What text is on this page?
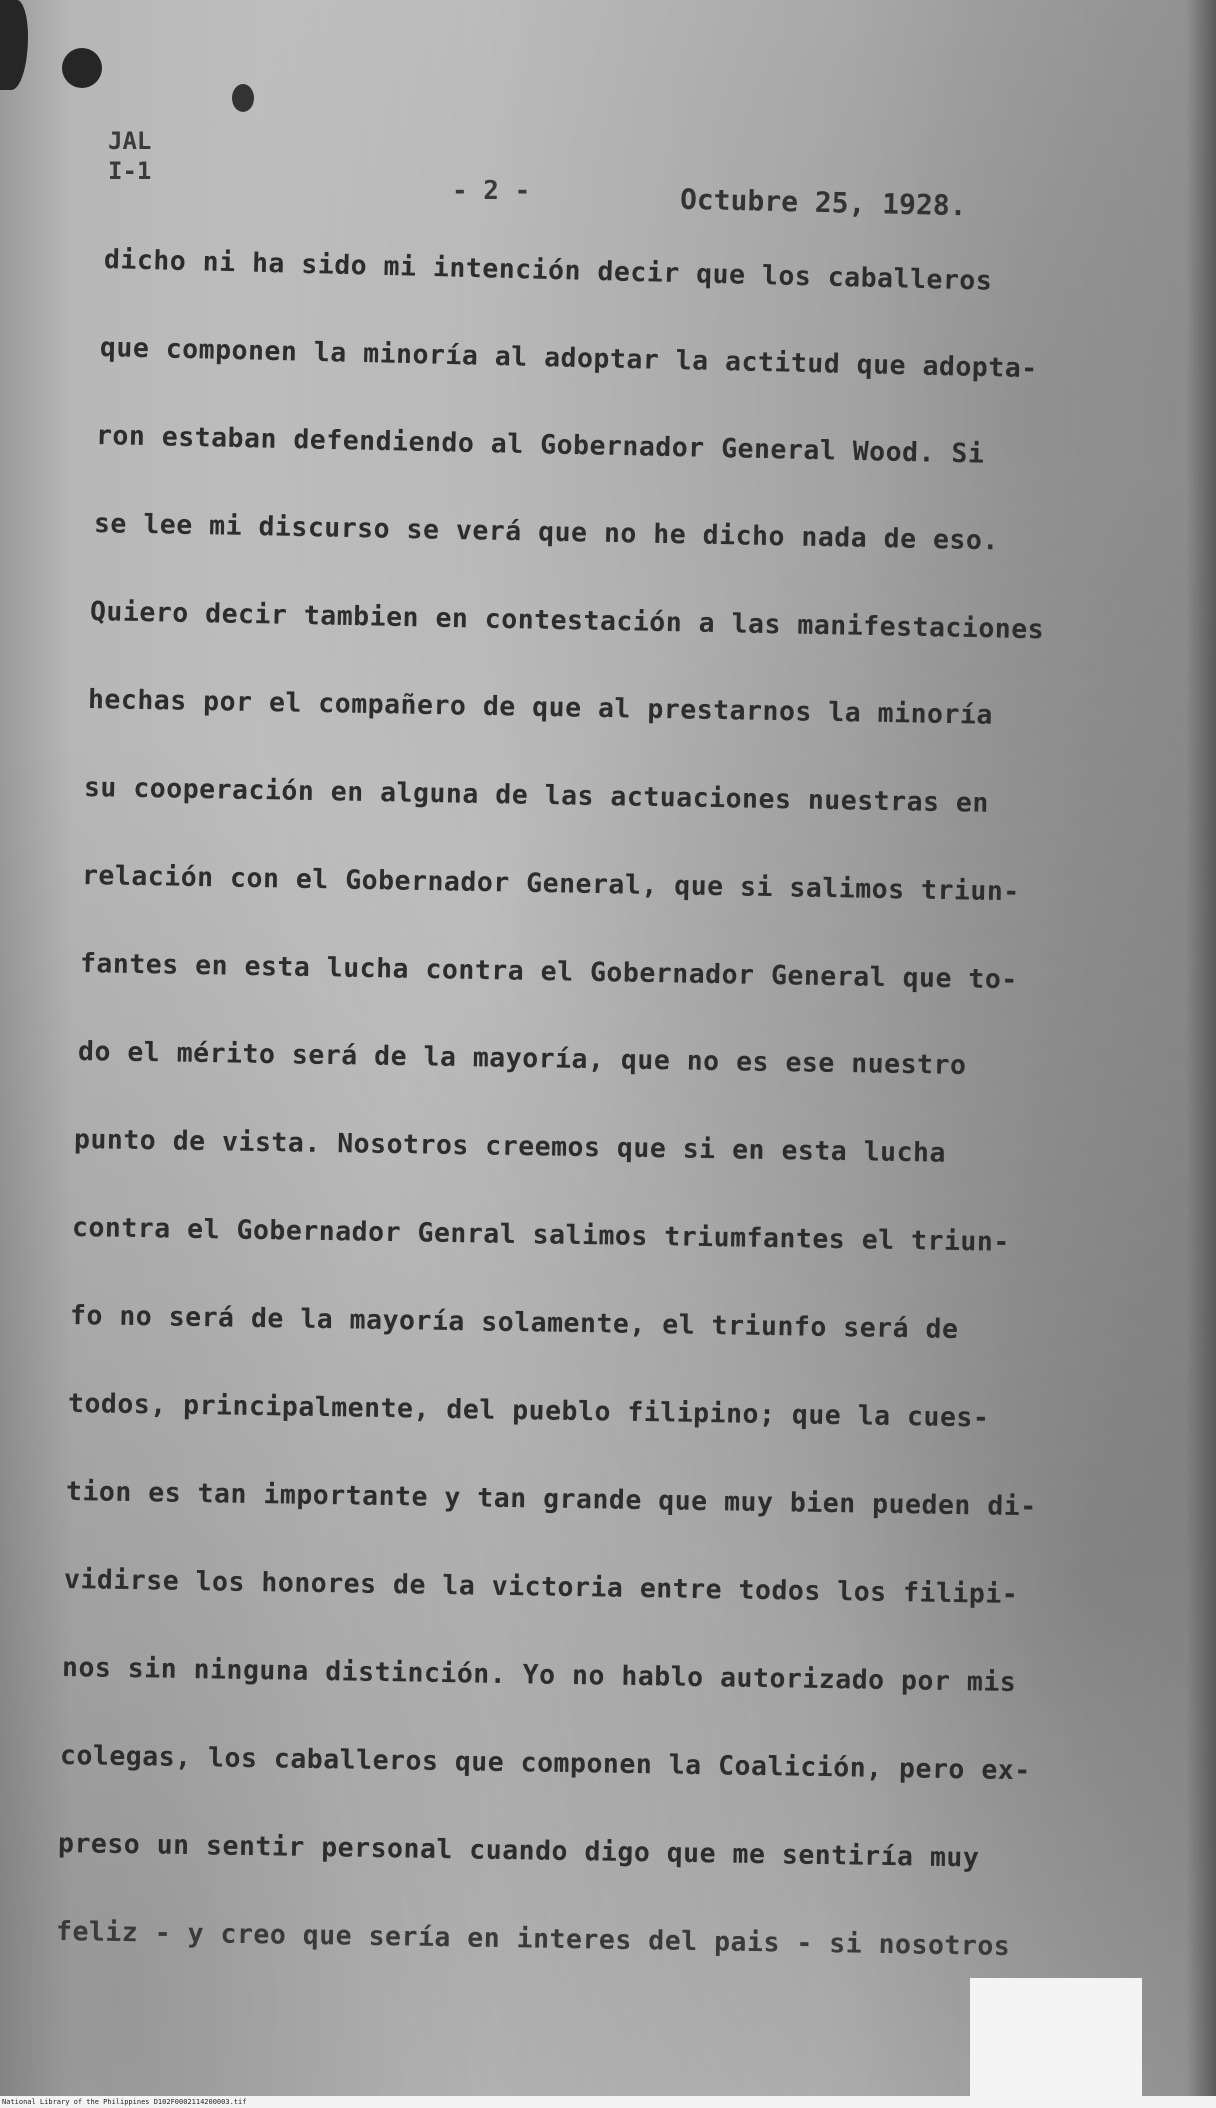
JAL
I-1
- 2 -	Octubre 25, 1928.
dicho ni ha sido mi intención decir que los caballeros
que componen la minoría al adoptar la actitud que adopta-
ron estaban defendiendo al Gobernador General Wood. Si
se lee mi discurso se verá que no he dicho nada de eso.
Quiero decir tambien en contestación a las manifestaciones
hechas por el compañero de que al prestarnos la minoría
su cooperación en alguna de las actuaciones nuestras en
relación con el Gobernador General, que si salimos triun-
fantes en esta lucha contra el Gobernador General que to-
do el mérito será de la mayoría, que no es ese nuestro
punto de vista. Nosotros creemos que si en esta lucha
contra el Gobernador Genral salimos triumfantes el triun-
fo no será de la mayoría solamente, el triunfo será de
todos, principalmente, del pueblo filipino; que la cues-
tion es tan importante y tan grande que muy bien pueden di-
vidirse los honores de la victoria entre todos los filipi-
nos sin ninguna distinción. Yo no hablo autorizado por mis
colegas, los caballeros que componen la Coalición, pero ex-
preso un sentir personal cuando digo que me sentiría muy
feliz - y creo que sería en interes del pais - si nosotros
National Library of the Philippines D102F0002114200003.tif
